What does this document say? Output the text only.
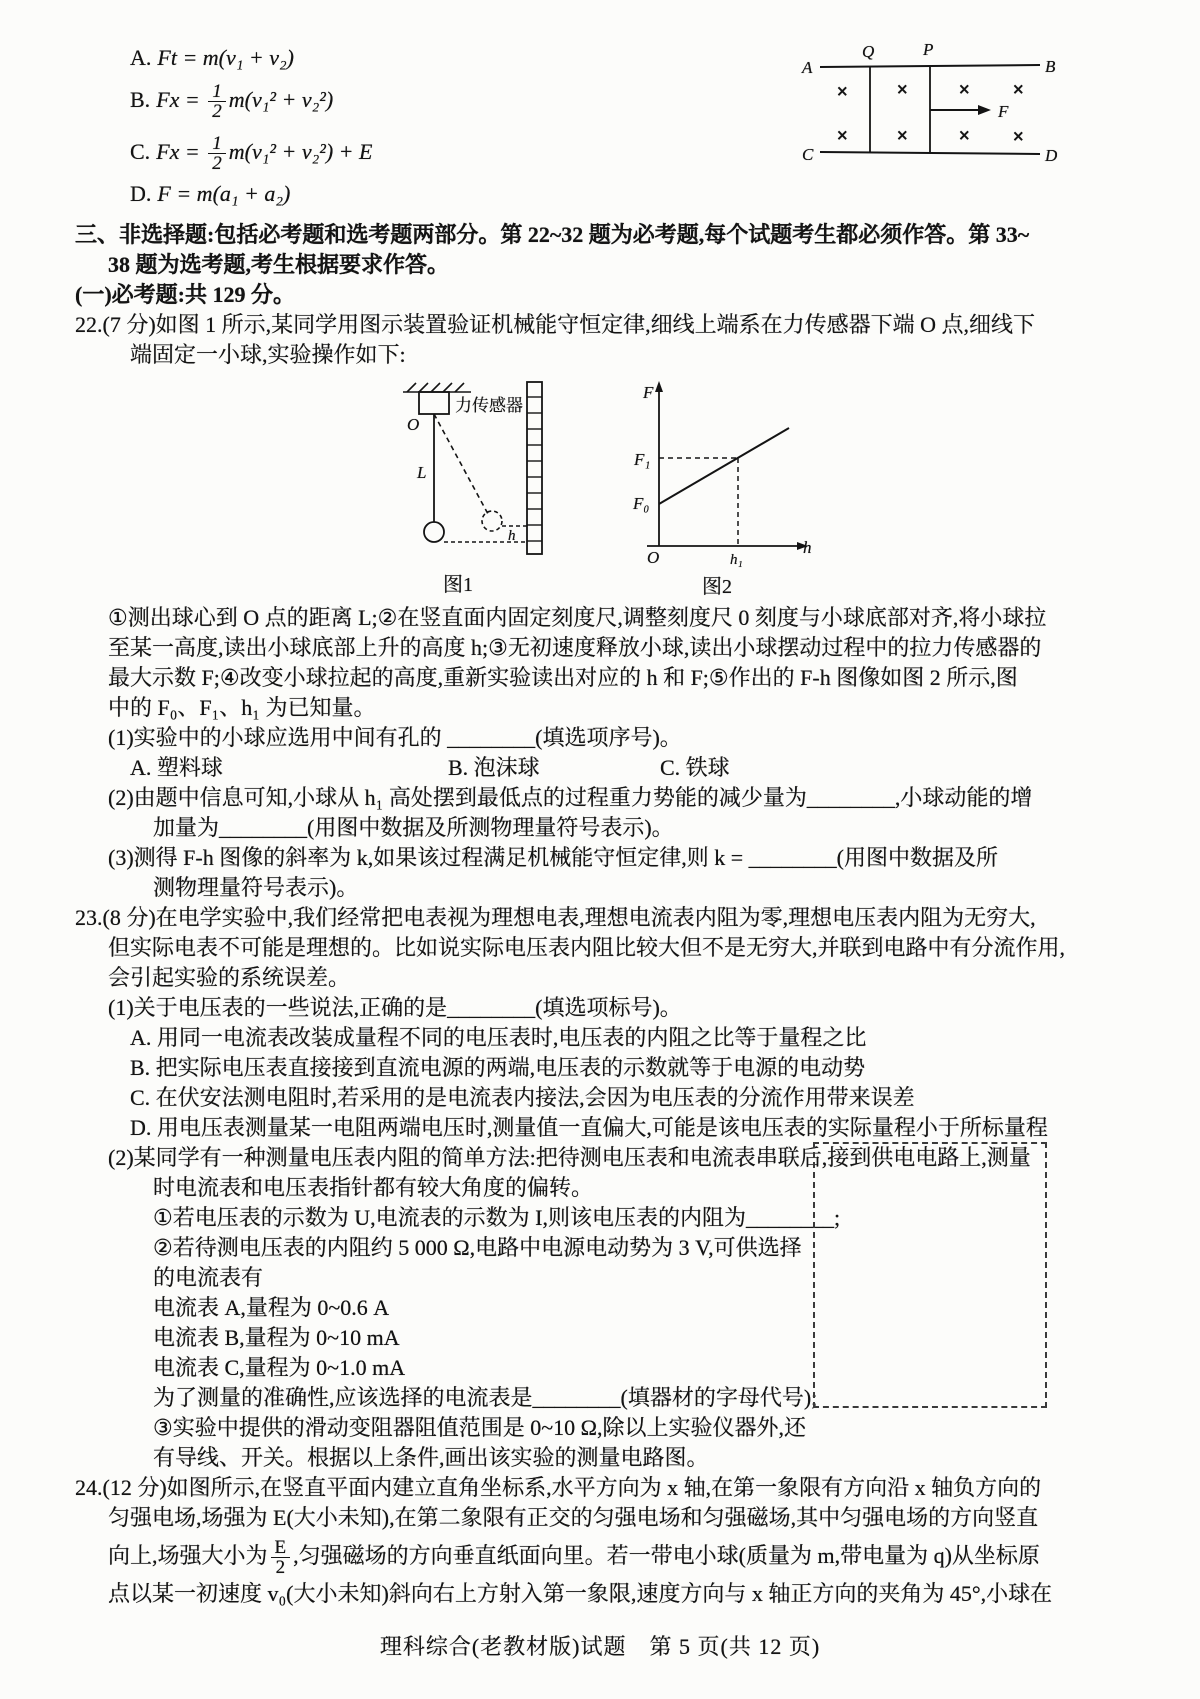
A	B
C	D
Q	P
F
×	×	×	×
×	×	×	×
A. Ft = m(v₁ + v₂)
B. $Fx = \frac{1}{2} m(v_1^2 + v_2^2)$
C. $Fx = \frac{1}{2} m(v_1^2 + v_2^2) + E$
D. F = m(a₁ + a₂)
三、非选择题:包括必考题和选考题两部分。第 22~32 题为必考题,每个试题考生都必须作答。第 33~
38 题为选考题,考生根据要求作答。
(一)必考题:共 129 分。
22.(7 分)如图 1 所示,某同学用图示装置验证机械能守恒定律,细线上端系在力传感器下端 O 点,细线下
端固定一小球,实验操作如下:
力传感器
O
L
h
图1
F
F₁
F₀
O	h₁
h
图2
①测出球心到 O 点的距离 L;②在竖直面内固定刻度尺,调整刻度尺 0 刻度与小球底部对齐,将小球拉
至某一高度,读出小球底部上升的高度 h;③无初速度释放小球,读出小球摆动过程中的拉力传感器的
最大示数 F;④改变小球拉起的高度,重新实验读出对应的 h 和 F;⑤作出的 F-h 图像如图 2 所示,图
中的 F₀、F₁、h₁ 为已知量。
(1)实验中的小球应选用中间有孔的 ________(填选项序号)。
A. 塑料球	B. 泡沫球	C. 铁球
(2)由题中信息可知,小球从 h₁ 高处摆到最低点的过程重力势能的减少量为________,小球动能的增
加量为________(用图中数据及所测物理量符号表示)。
(3)测得 F-h 图像的斜率为 k,如果该过程满足机械能守恒定律,则 k = ________(用图中数据及所
测物理量符号表示)。
23.(8 分)在电学实验中,我们经常把电表视为理想电表,理想电流表内阻为零,理想电压表内阻为无穷大,
但实际电表不可能是理想的。比如说实际电压表内阻比较大但不是无穷大,并联到电路中有分流作用,
会引起实验的系统误差。
(1)关于电压表的一些说法,正确的是________(填选项标号)。
A. 用同一电流表改装成量程不同的电压表时,电压表的内阻之比等于量程之比
B. 把实际电压表直接接到直流电源的两端,电压表的示数就等于电源的电动势
C. 在伏安法测电阻时,若采用的是电流表内接法,会因为电压表的分流作用带来误差
D. 用电压表测量某一电阻两端电压时,测量值一直偏大,可能是该电压表的实际量程小于所标量程
(2)某同学有一种测量电压表内阻的简单方法:把待测电压表和电流表串联后,接到供电电路上,测量
时电流表和电压表指针都有较大角度的偏转。
①若电压表的示数为 U,电流表的示数为 I,则该电压表的内阻为________;
②若待测电压表的内阻约 5 000 Ω,电路中电源电动势为 3 V,可供选择
的电流表有
电流表 A,量程为 0~0.6 A
电流表 B,量程为 0~10 mA
电流表 C,量程为 0~1.0 mA
为了测量的准确性,应该选择的电流表是________(填器材的字母代号);
③实验中提供的滑动变阻器阻值范围是 0~10 Ω,除以上实验仪器外,还
有导线、开关。根据以上条件,画出该实验的测量电路图。
24.(12 分)如图所示,在竖直平面内建立直角坐标系,水平方向为 x 轴,在第一象限有方向沿 x 轴负方向的
匀强电场,场强为 E(大小未知),在第二象限有正交的匀强电场和匀强磁场,其中匀强电场的方向竖直
向上,场强大小为 $\frac{E}{2}$ ,匀强磁场的方向垂直纸面向里。若一带电小球(质量为 m,带电量为 q)从坐标原
点以某一初速度 v₀(大小未知)斜向右上方射入第一象限,速度方向与 x 轴正方向的夹角为 45°,小球在
理科综合(老教材版)试题　第 5 页(共 12 页)
